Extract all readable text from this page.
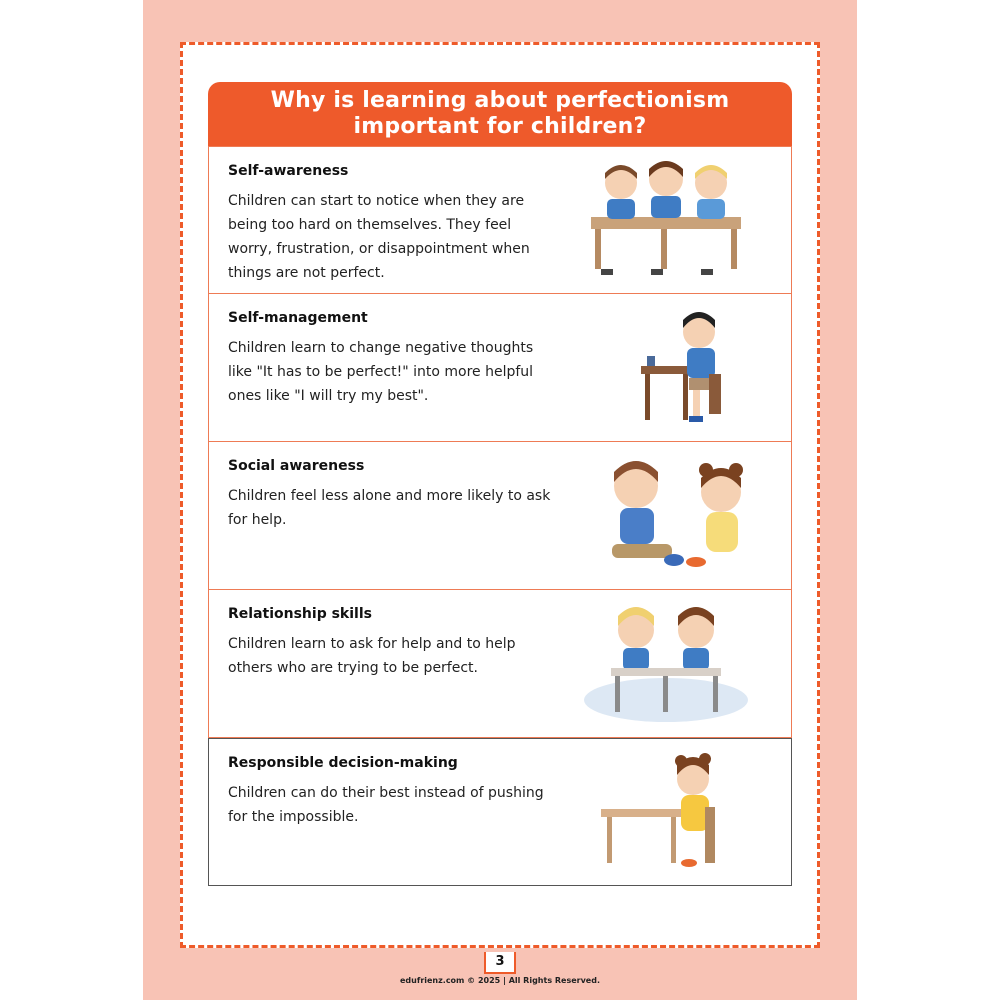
Why is learning about perfectionism important for children?
Self-awareness
Children can start to notice when they are being too hard on themselves. They feel worry, frustration, or disappointment when things are not perfect.
Self-management
Children learn to change negative thoughts like "It has to be perfect!" into more helpful ones like "I will try my best".
Social awareness
Children feel less alone and more likely to ask for help.
Relationship skills
Children learn to ask for help and to help others who are trying to be perfect.
Responsible decision-making
Children can do their best instead of pushing for the impossible.
3
edufrienz.com © 2025 | All Rights Reserved.
